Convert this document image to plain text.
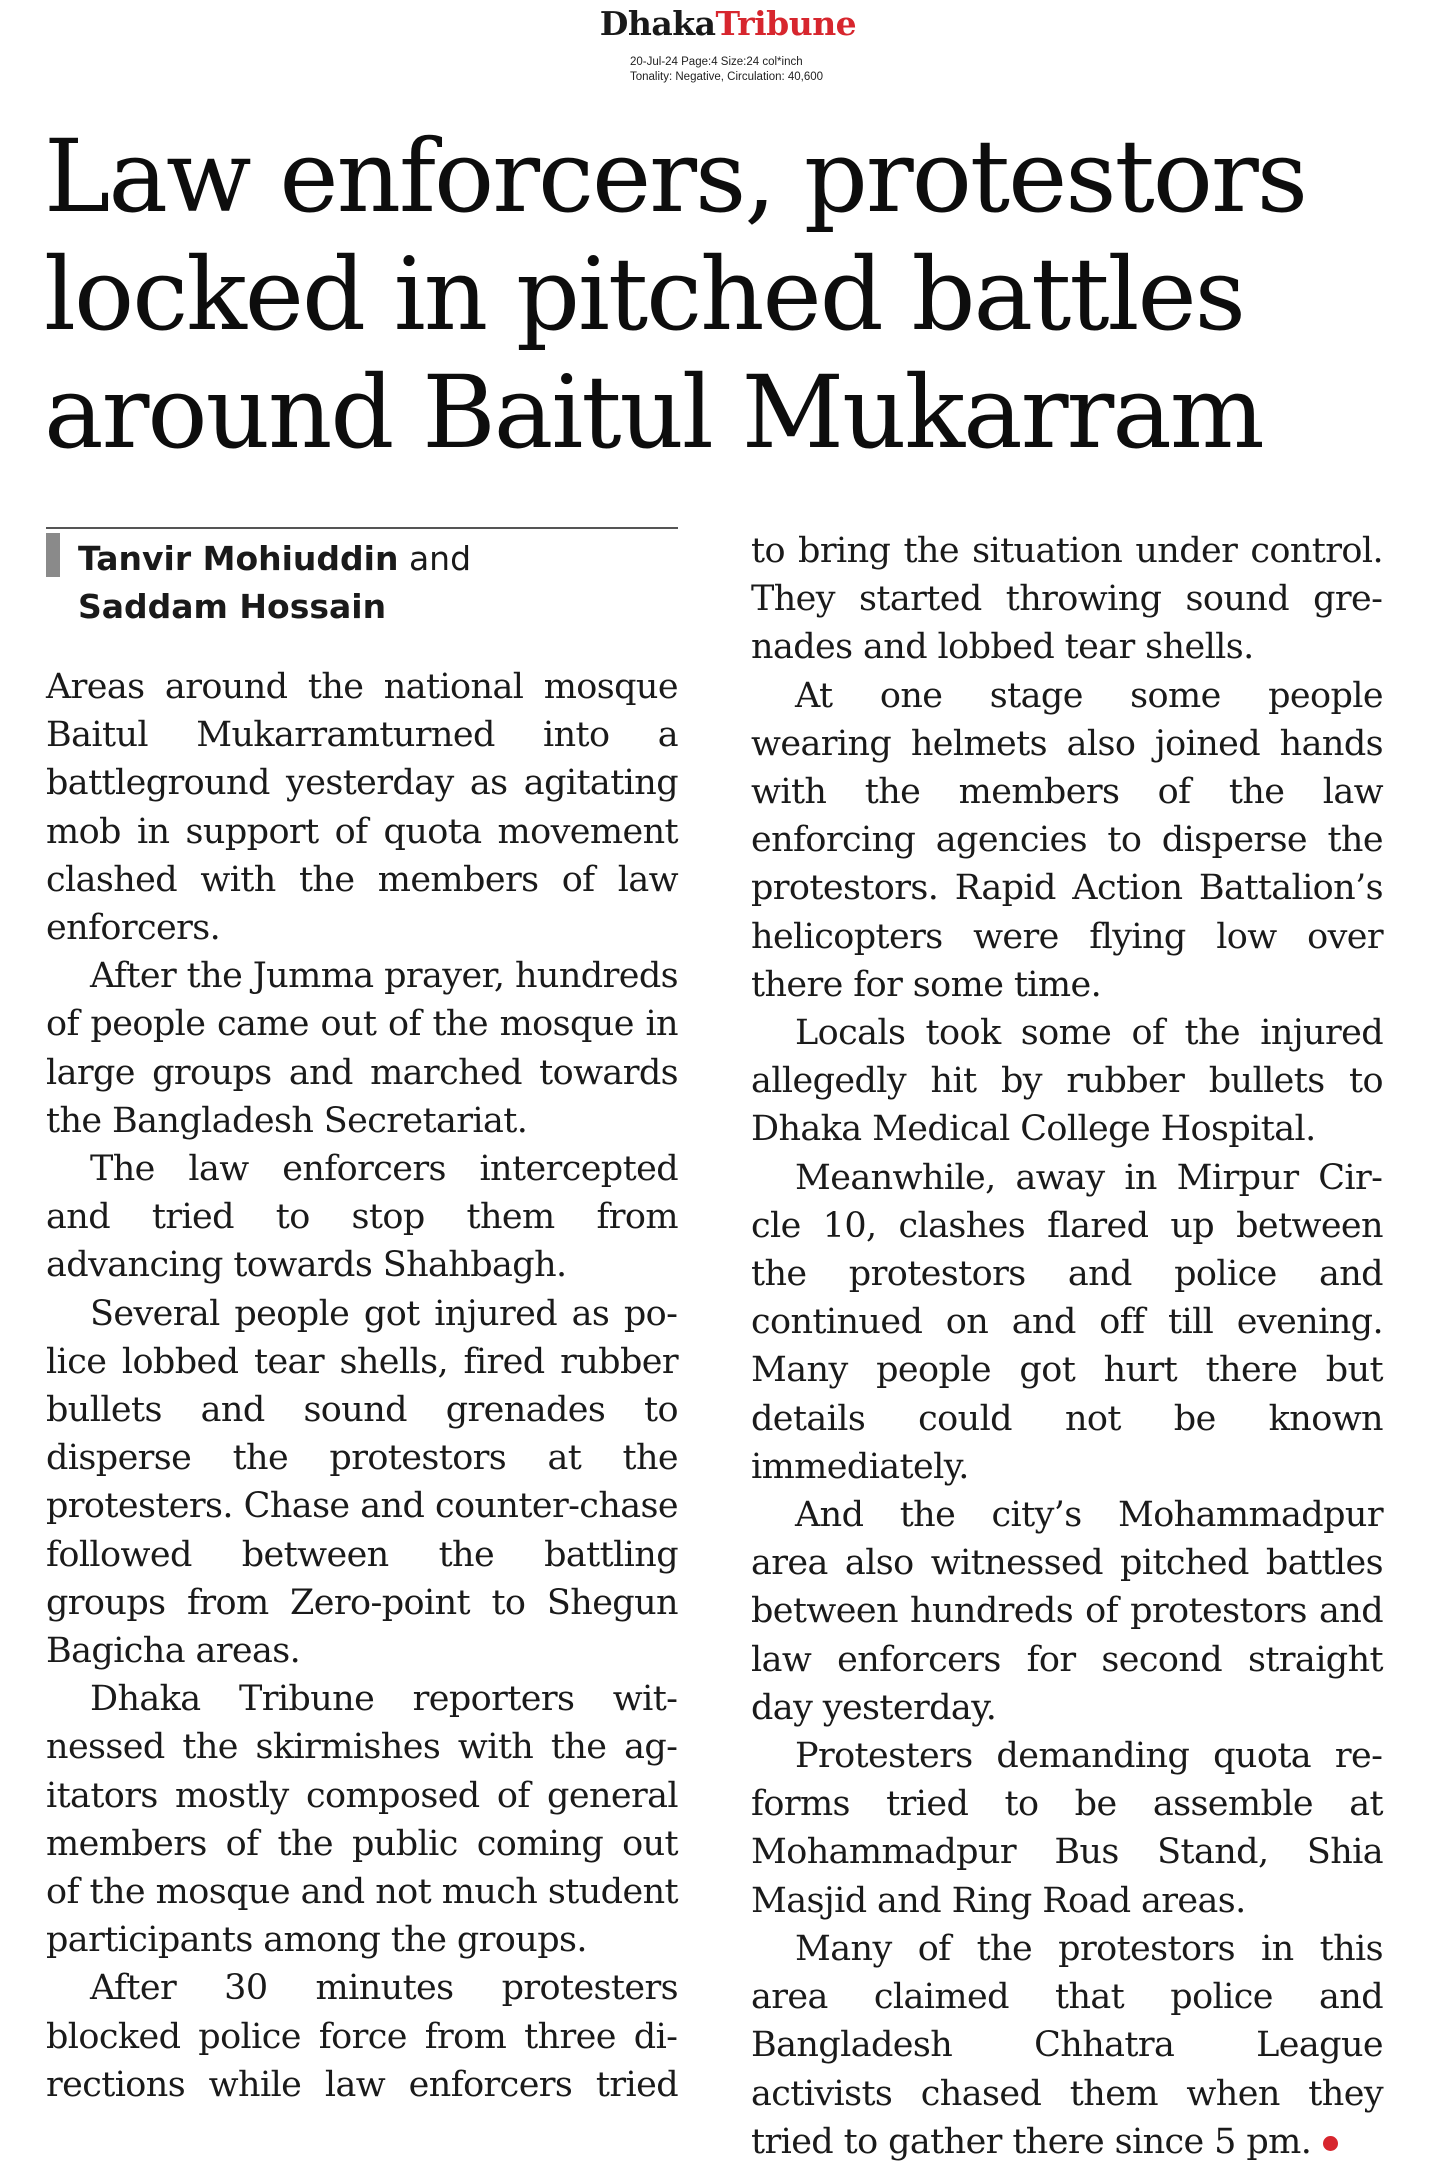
DhakaTribune
20-Jul-24 Page:4 Size:24 col*inch
Tonality: Negative, Circulation: 40,600
Law enforcers, protestors
locked in pitched battles
around Baitul Mukarram
Tanvir Mohiuddin and
Saddam Hossain

Areas around the national mosque Baitul Mukarramturned into a battleground yesterday as agitating mob in support of quota movement clashed with the members of law enforcers.

After the Jumma prayer, hundreds of people came out of the mosque in large groups and marched towards the Bangladesh Secretariat.

The law enforcers intercepted and tried to stop them from advancing towards Shahbagh.

Several people got injured as police lobbed tear shells, fired rubber bullets and sound grenades to disperse the protestors at the protesters. Chase and counter-chase followed between the battling groups from Zero-point to Shegun Bagicha areas.

Dhaka Tribune reporters witnessed the skirmishes with the agitators mostly composed of general members of the public coming out of the mosque and not much student participants among the groups.

After 30 minutes protesters blocked police force from three directions while law enforcers tried

to bring the situation under control. They started throwing sound grenades and lobbed tear shells.

At one stage some people wearing helmets also joined hands with the members of the law enforcing agencies to disperse the protestors. Rapid Action Battalion’s helicopters were flying low over there for some time.

Locals took some of the injured allegedly hit by rubber bullets to Dhaka Medical College Hospital.

Meanwhile, away in Mirpur Circle 10, clashes flared up between the protestors and police and continued on and off till evening. Many people got hurt there but details could not be known immediately.

And the city’s Mohammadpur area also witnessed pitched battles between hundreds of protestors and law enforcers for second straight day yesterday.

Protesters demanding quota reforms tried to be assemble at Mohammadpur Bus Stand, Shia Masjid and Ring Road areas.

Many of the protestors in this area claimed that police and Bangladesh Chhatra League activists chased them when they tried to gather there since 5 pm.
